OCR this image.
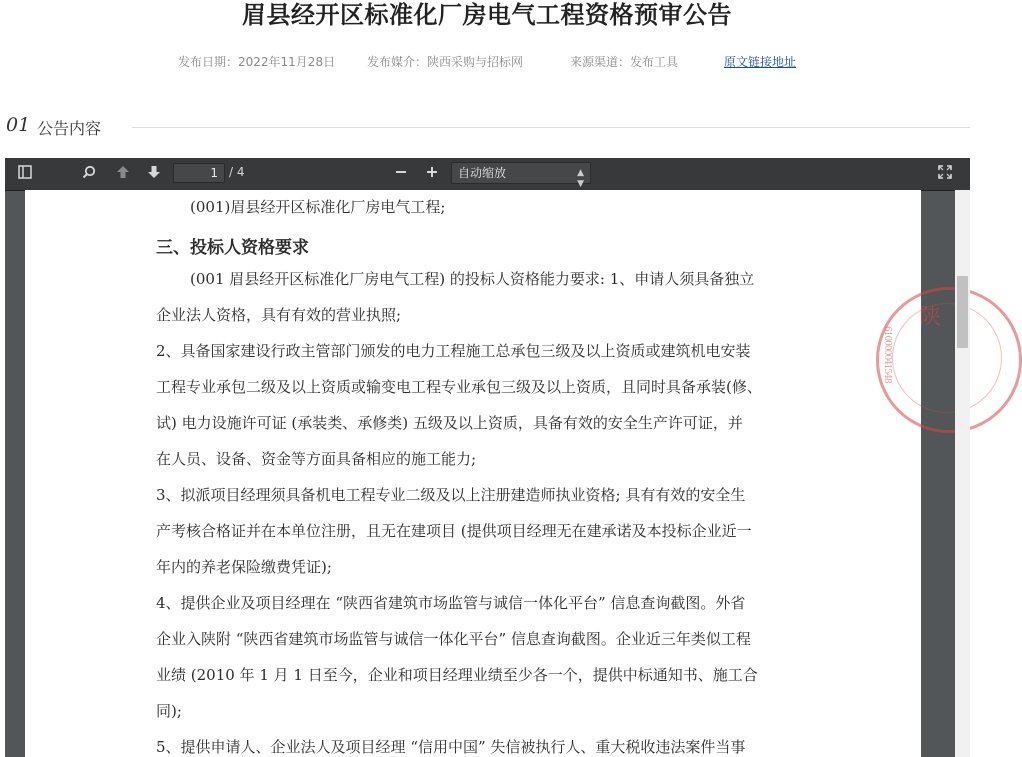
眉县经开区标准化厂房电气工程资格预审公告
发布日期：2022年11月28日	发布媒介：陕西采购与招标网	来源渠道：发布工具	原文链接地址
01 公告内容
1 / 4	自动缩放	▲
▼
(001)眉县经开区标准化厂房电气工程;
三、投标人资格要求
(001 眉县经开区标准化厂房电气工程) 的投标人资格能力要求: 1、申请人须具备独立
企业法人资格，具有有效的营业执照;
2、具备国家建设行政主管部门颁发的电力工程施工总承包三级及以上资质或建筑机电安装
工程专业承包二级及以上资质或输变电工程专业承包三级及以上资质，且同时具备承装(修、
试) 电力设施许可证 (承装类、承修类) 五级及以上资质，具备有效的安全生产许可证，并
在人员、设备、资金等方面具备相应的施工能力;
3、拟派项目经理须具备机电工程专业二级及以上注册建造师执业资格; 具有有效的安全生
产考核合格证并在本单位注册，且无在建项目 (提供项目经理无在建承诺及本投标企业近一
年内的养老保险缴费凭证);
4、提供企业及项目经理在 “陕西省建筑市场监管与诚信一体化平台” 信息查询截图。外省
企业入陕附 “陕西省建筑市场监管与诚信一体化平台” 信息查询截图。企业近三年类似工程
业绩 (2010 年 1 月 1 日至今，企业和项目经理业绩至少各一个，提供中标通知书、施工合
同);
5、提供申请人、企业法人及项目经理 “信用中国” 失信被执行人、重大税收违法案件当事
陕
610000041548
